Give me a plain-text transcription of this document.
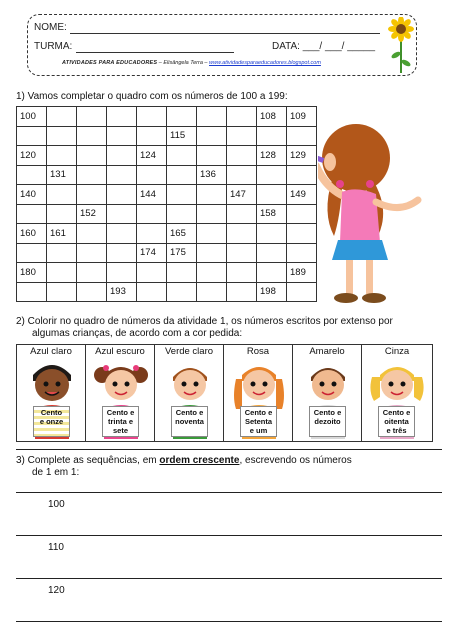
NOME:
TURMA:	DATA: ___/ ___/ _____
ATIVIDADES PARA EDUCADORES – Elisângela Terra – www.atividadesparaeducadores.blogspot.com
1) Vamos completar o quadro com os números de 100 a 199:
100								108	109
					115				
120				124				128	129
	131					136			
140				144			147		149
		152						158	
160	161				165				
				174	175				
180									189
			193					198	
2) Colorir no quadro de números da atividade 1, os números escritos por extenso por
algumas crianças, de acordo com a cor pedida:
Azul claro
Cento
e onze
Azul escuro
Cento e
trinta e
sete
Verde claro
Cento e
noventa
Rosa
Cento e
Setenta
e um
Amarelo
Cento e
dezoito
Cinza
Cento e
oitenta
e três
3) Complete as sequências, em ordem crescente, escrevendo os números
de 1 em 1:
100
110
120
